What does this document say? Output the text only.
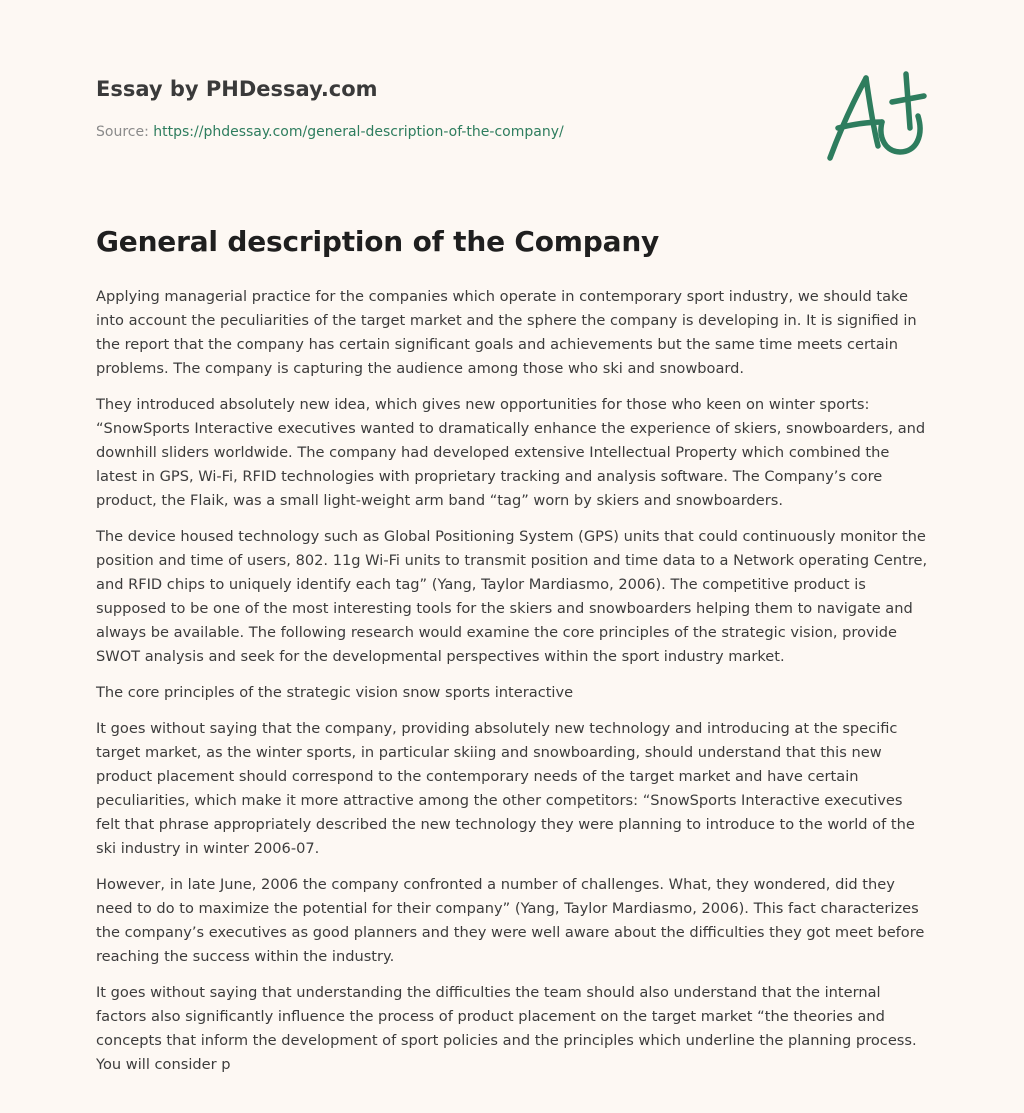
Essay by PHDessay.com

Source: https://phdessay.com/general-description-of-the-company/

General description of the Company

Applying managerial practice for the companies which operate in contemporary sport industry, we should take into account the peculiarities of the target market and the sphere the company is developing in. It is signified in the report that the company has certain significant goals and achievements but the same time meets certain problems. The company is capturing the audience among those who ski and snowboard.

They introduced absolutely new idea, which gives new opportunities for those who keen on winter sports: “SnowSports Interactive executives wanted to dramatically enhance the experience of skiers, snowboarders, and downhill sliders worldwide. The company had developed extensive Intellectual Property which combined the latest in GPS, Wi-Fi, RFID technologies with proprietary tracking and analysis software. The Company’s core product, the Flaik, was a small light-weight arm band “tag” worn by skiers and snowboarders.

The device housed technology such as Global Positioning System (GPS) units that could continuously monitor the position and time of users, 802. 11g Wi-Fi units to transmit position and time data to a Network operating Centre, and RFID chips to uniquely identify each tag” (Yang, Taylor Mardiasmo, 2006). The competitive product is supposed to be one of the most interesting tools for the skiers and snowboarders helping them to navigate and always be available. The following research would examine the core principles of the strategic vision, provide SWOT analysis and seek for the developmental perspectives within the sport industry market.

The core principles of the strategic vision snow sports interactive

It goes without saying that the company, providing absolutely new technology and introducing at the specific target market, as the winter sports, in particular skiing and snowboarding, should understand that this new product placement should correspond to the contemporary needs of the target market and have certain peculiarities, which make it more attractive among the other competitors: “SnowSports Interactive executives felt that phrase appropriately described the new technology they were planning to introduce to the world of the ski industry in winter 2006-07.

However, in late June, 2006 the company confronted a number of challenges. What, they wondered, did they need to do to maximize the potential for their company” (Yang, Taylor Mardiasmo, 2006). This fact characterizes the company’s executives as good planners and they were well aware about the difficulties they got meet before reaching the success within the industry.

It goes without saying that understanding the difficulties the team should also understand that the internal factors also significantly influence the process of product placement on the target market “the theories and concepts that inform the development of sport policies and the principles which underline the planning process. You will consider p
